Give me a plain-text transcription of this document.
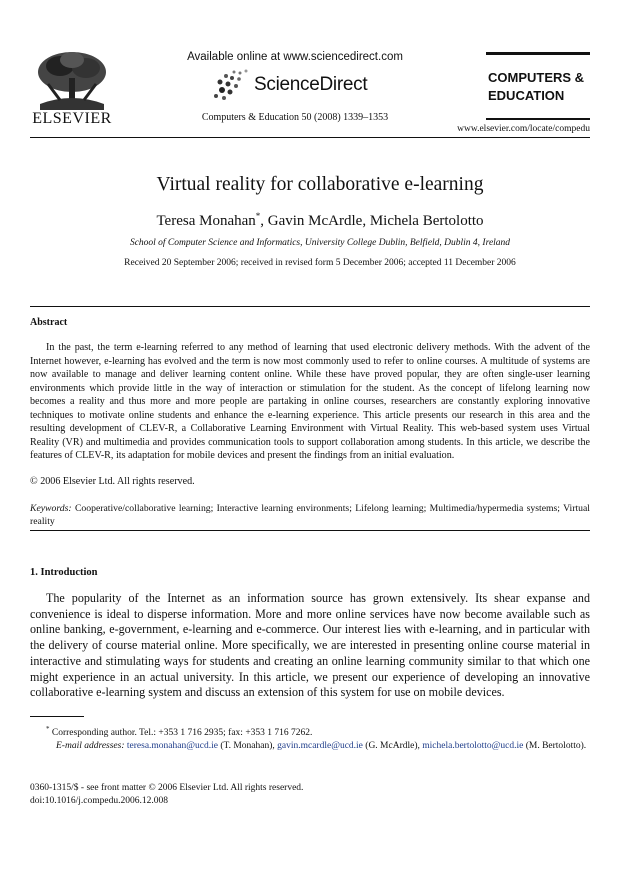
ELSEVIER
Available online at www.sciencedirect.com
ScienceDirect
Computers & Education 50 (2008) 1339–1353
COMPUTERS &
EDUCATION
www.elsevier.com/locate/compedu
Virtual reality for collaborative e-learning
Teresa Monahan*, Gavin McArdle, Michela Bertolotto
School of Computer Science and Informatics, University College Dublin, Belfield, Dublin 4, Ireland
Received 20 September 2006; received in revised form 5 December 2006; accepted 11 December 2006
Abstract
In the past, the term e-learning referred to any method of learning that used electronic delivery methods. With the advent of the Internet however, e-learning has evolved and the term is now most commonly used to refer to online courses. A multitude of systems are now available to manage and deliver learning content online. While these have proved popular, they are often single-user learning environments which provide little in the way of interaction or stimulation for the student. As the concept of lifelong learning now becomes a reality and thus more and more people are partaking in online courses, researchers are constantly exploring innovative techniques to motivate online students and enhance the e-learning experience. This article presents our research in this area and the resulting development of CLEV-R, a Collaborative Learning Environment with Virtual Reality. This web-based system uses Virtual Reality (VR) and multimedia and provides communication tools to support collaboration among students. In this article, we describe the features of CLEV-R, its adaptation for mobile devices and present the findings from an initial evaluation.
© 2006 Elsevier Ltd. All rights reserved.
Keywords: Cooperative/collaborative learning; Interactive learning environments; Lifelong learning; Multimedia/hypermedia systems; Virtual reality
1. Introduction
The popularity of the Internet as an information source has grown extensively. Its shear expanse and convenience is ideal to disperse information. More and more online services have now become available such as online banking, e-government, e-learning and e-commerce. Our interest lies with e-learning, and in particular with the delivery of course material online. More specifically, we are interested in presenting online course material in interactive and stimulating ways for students and creating an online learning community similar to that which one might experience in an actual university. In this article, we present our experience of developing an innovative collaborative e-learning system and discuss an extension of this system for use on mobile devices.
* Corresponding author. Tel.: +353 1 716 2935; fax: +353 1 716 7262.
E-mail addresses: teresa.monahan@ucd.ie (T. Monahan), gavin.mcardle@ucd.ie (G. McArdle), michela.bertolotto@ucd.ie (M. Bertolotto).
0360-1315/$ - see front matter © 2006 Elsevier Ltd. All rights reserved.
doi:10.1016/j.compedu.2006.12.008
